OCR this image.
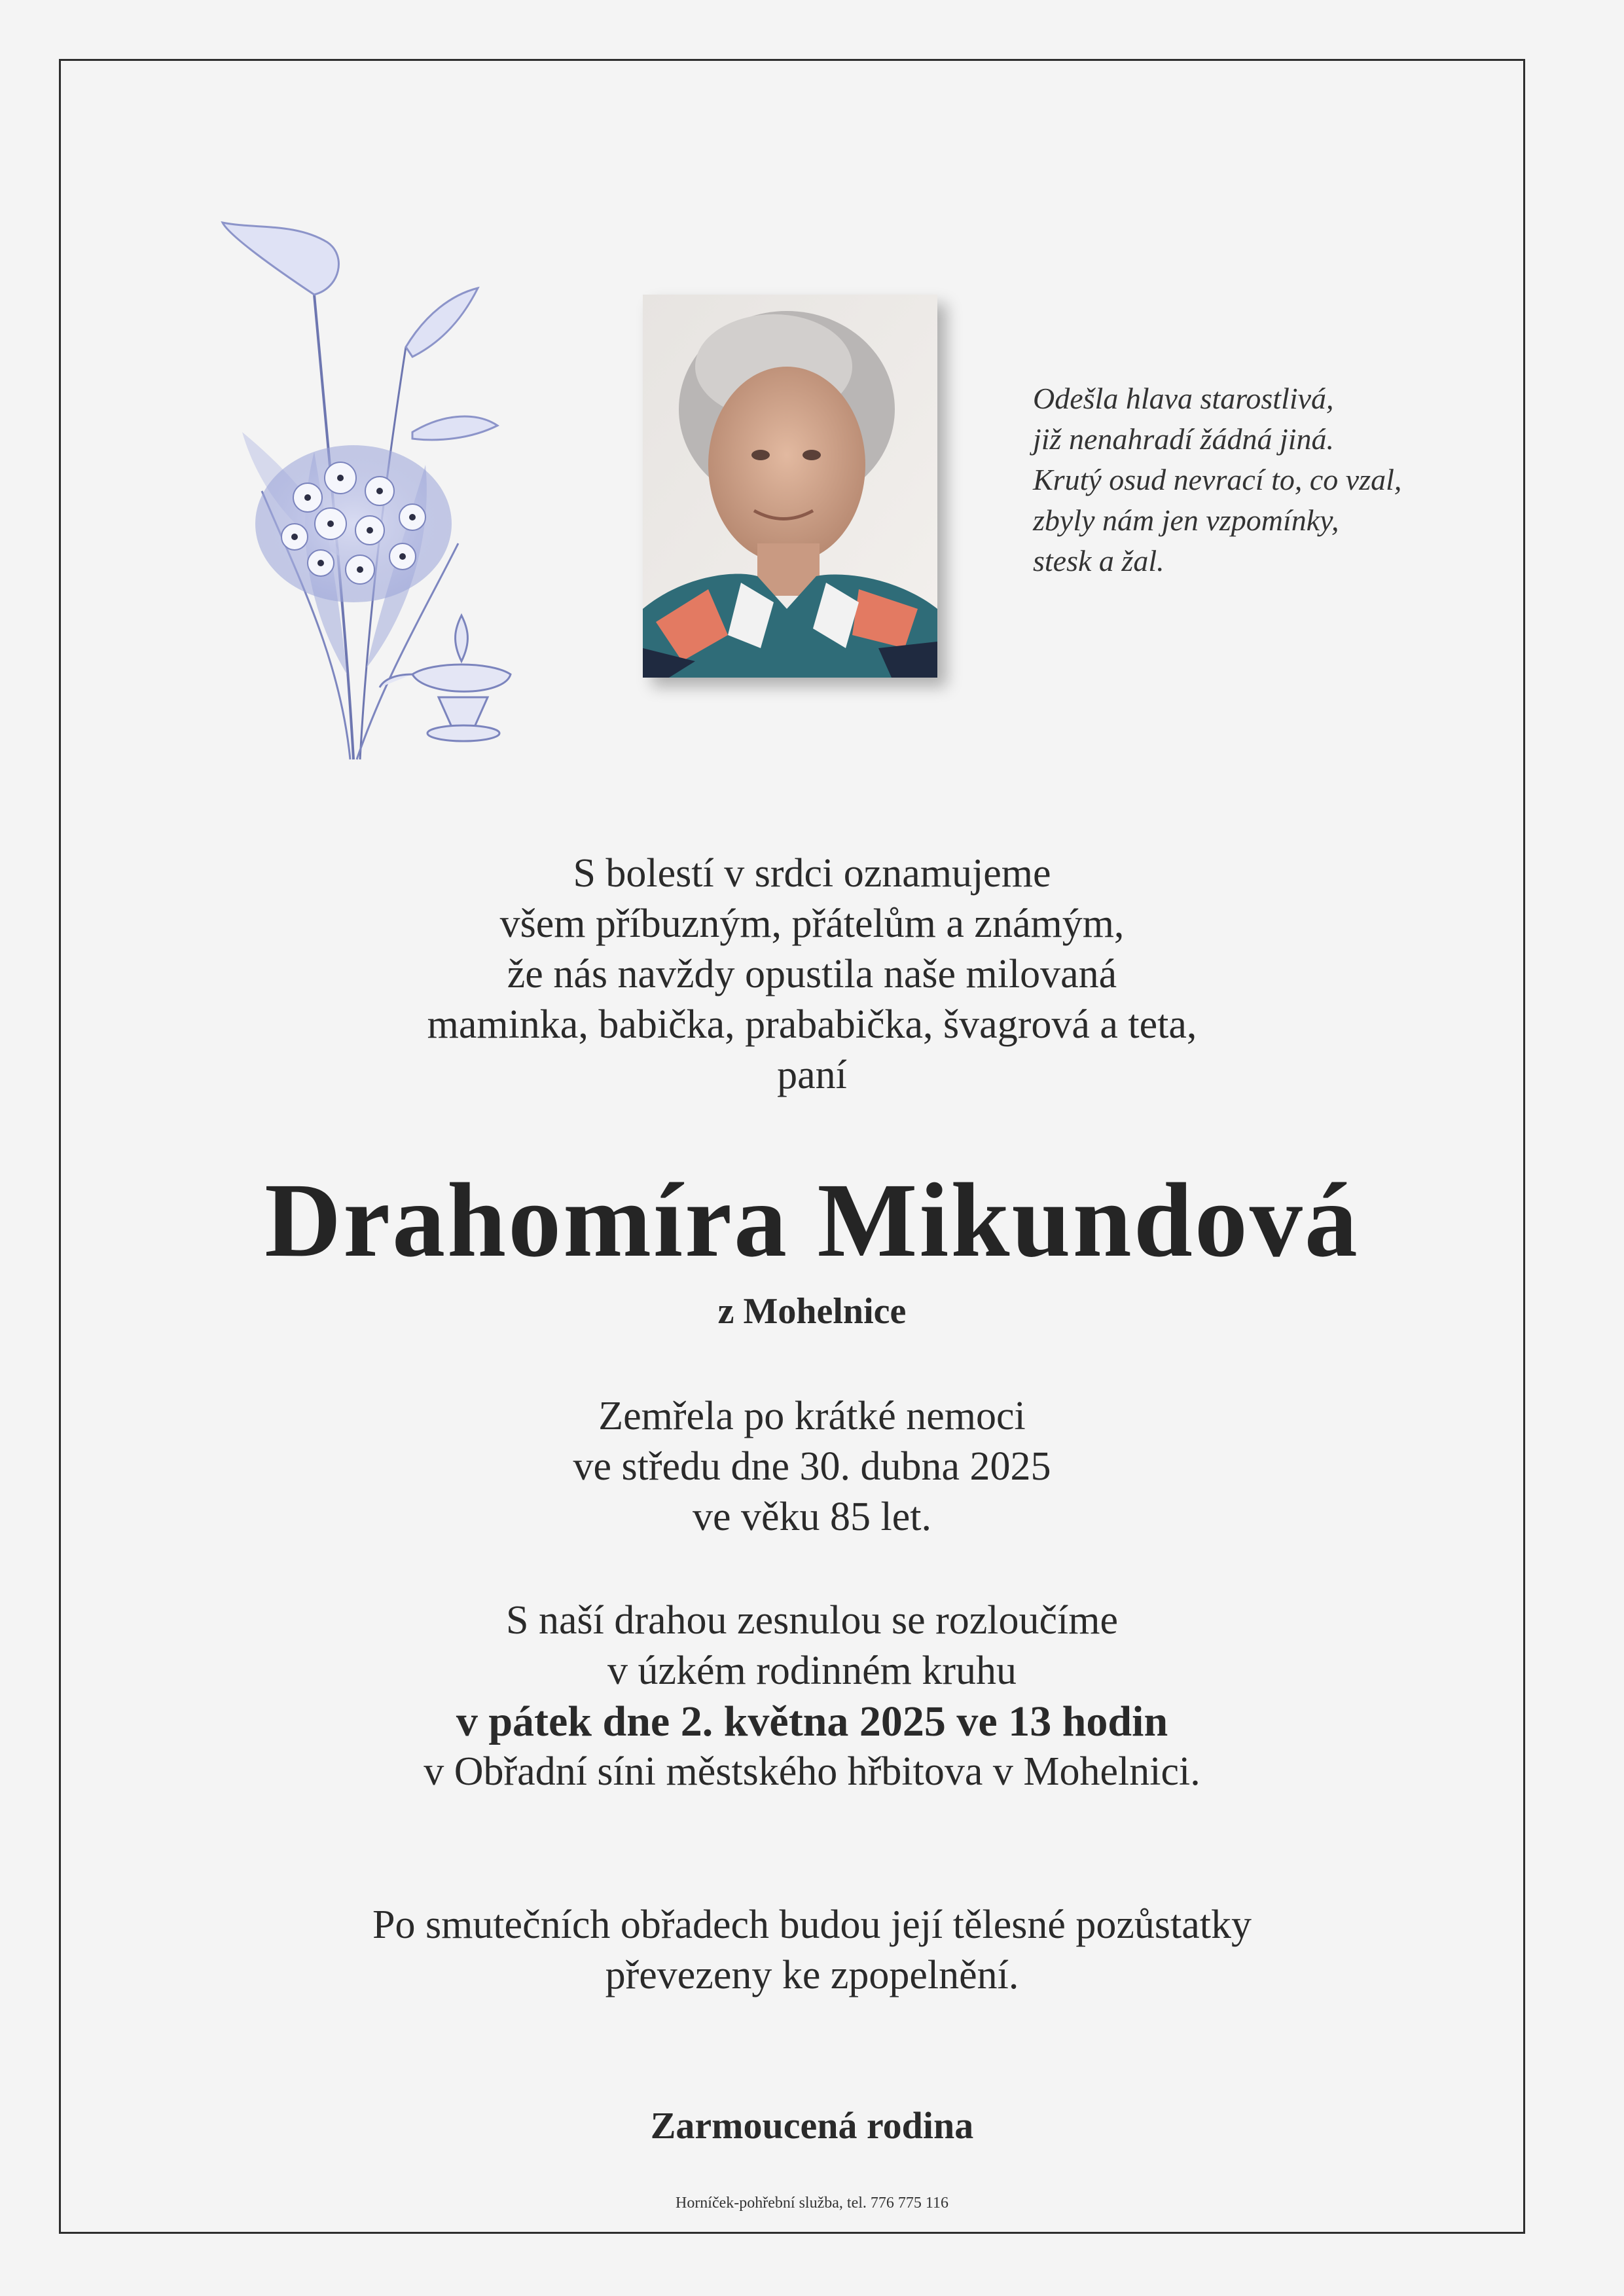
Odešla hlava starostlivá,
již nenahradí žádná jiná.
Krutý osud nevrací to, co vzal,
zbyly nám jen vzpomínky,
stesk a žal.
S bolestí v srdci oznamujeme
všem příbuzným, přátelům a známým,
že nás navždy opustila naše milovaná
maminka, babička, prababička, švagrová a teta,
paní
Drahomíra Mikundová
z Mohelnice
Zemřela po krátké nemoci
ve středu dne 30. dubna 2025
ve věku 85 let.
S naší drahou zesnulou se rozloučíme
v úzkém rodinném kruhu
v pátek dne 2. května 2025 ve 13 hodin
v Obřadní síni městského hřbitova v Mohelnici.
Po smutečních obřadech budou její tělesné pozůstatky
převezeny ke zpopelnění.
Zarmoucená rodina
Horníček-pohřební služba, tel. 776 775 116
